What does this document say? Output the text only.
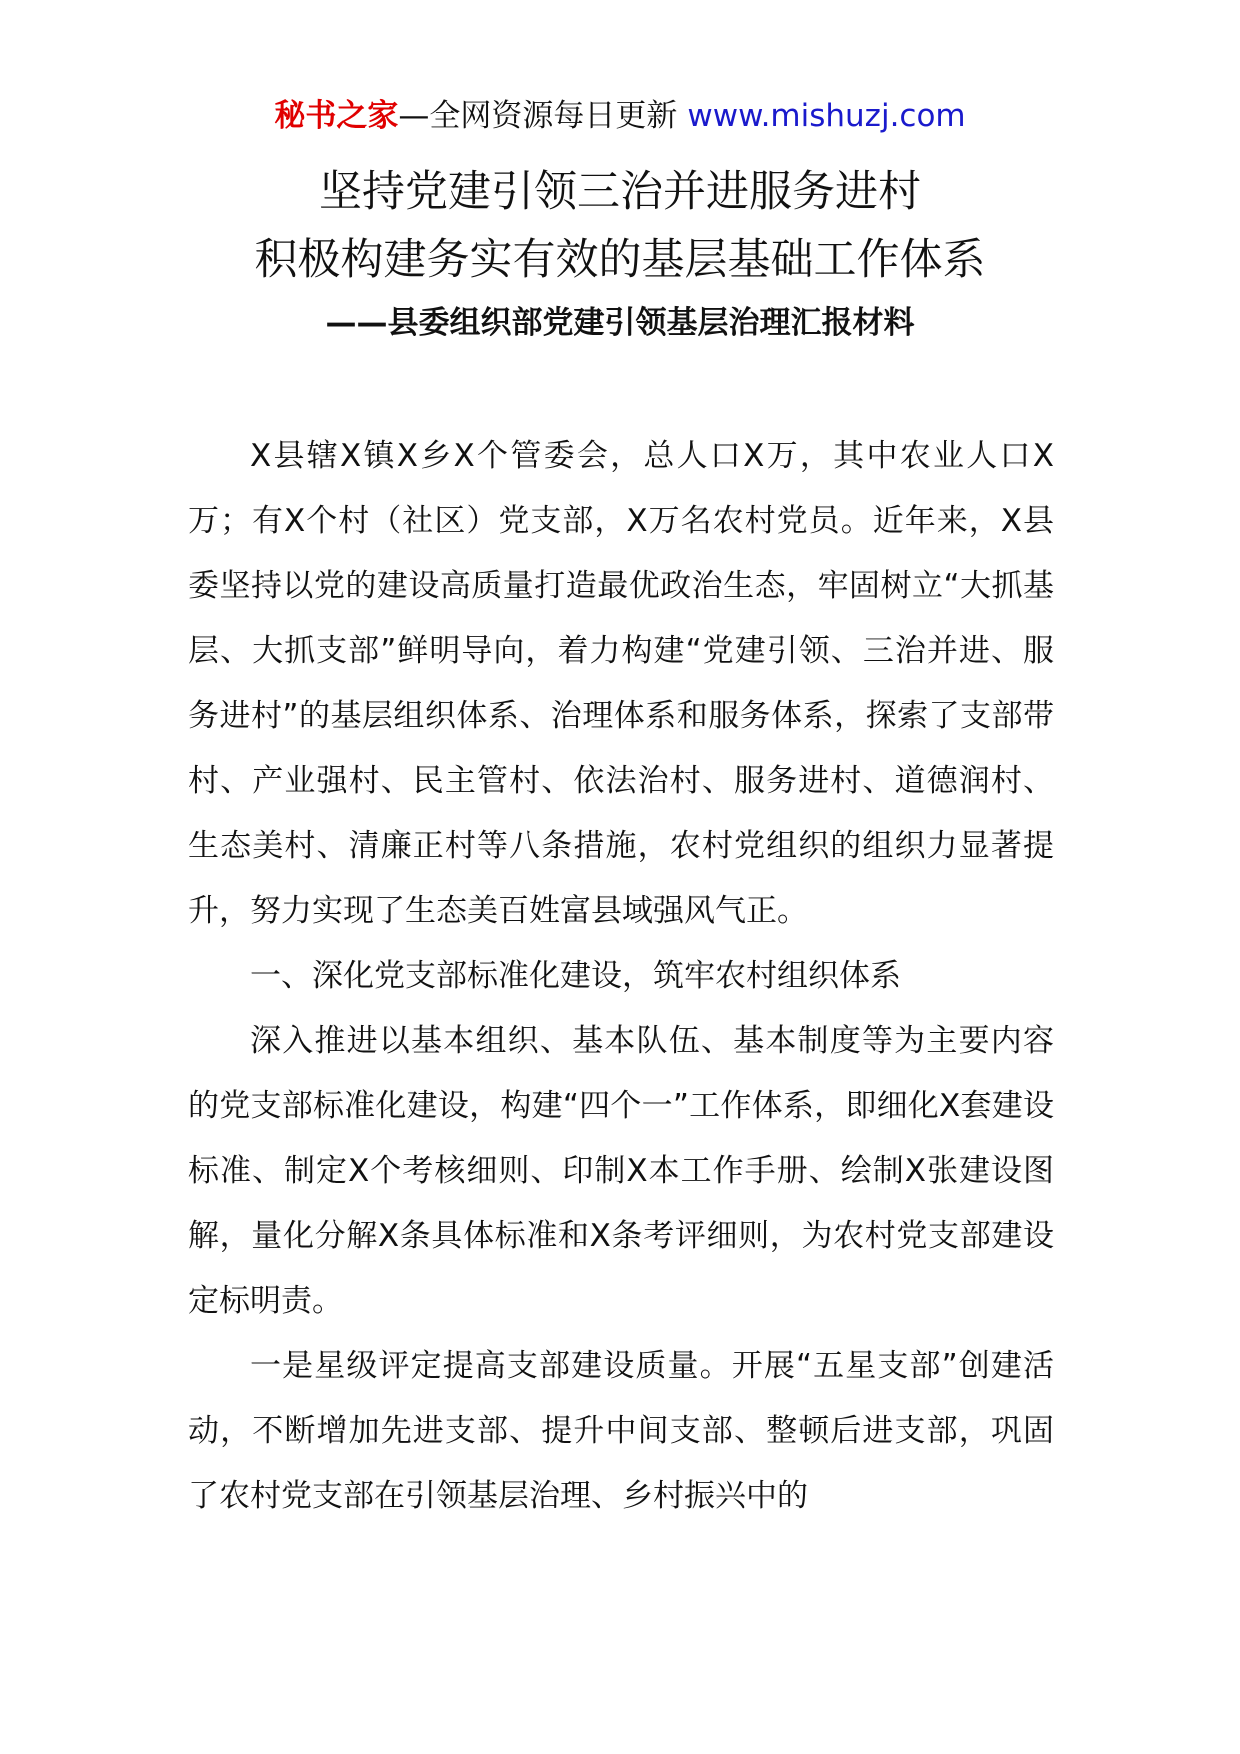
秘书之家—全网资源每日更新 www.mishuzj.com
坚持党建引领三治并进服务进村
积极构建务实有效的基层基础工作体系
——县委组织部党建引领基层治理汇报材料

X县辖X镇X乡X个管委会，总人口X万，其中农业人口X万；有X个村（社区）党支部，X万名农村党员。近年来，X县委坚持以党的建设高质量打造最优政治生态，牢固树立“大抓基层、大抓支部”鲜明导向，着力构建“党建引领、三治并进、服务进村”的基层组织体系、治理体系和服务体系，探索了支部带村、产业强村、民主管村、依法治村、服务进村、道德润村、生态美村、清廉正村等八条措施，农村党组织的组织力显著提升，努力实现了生态美百姓富县域强风气正。

一、深化党支部标准化建设，筑牢农村组织体系

深入推进以基本组织、基本队伍、基本制度等为主要内容的党支部标准化建设，构建“四个一”工作体系，即细化X套建设标准、制定X个考核细则、印制X本工作手册、绘制X张建设图解，量化分解X条具体标准和X条考评细则，为农村党支部建设定标明责。

一是星级评定提高支部建设质量。开展“五星支部”创建活动，不断增加先进支部、提升中间支部、整顿后进支部，巩固了农村党支部在引领基层治理、乡村振兴中的
